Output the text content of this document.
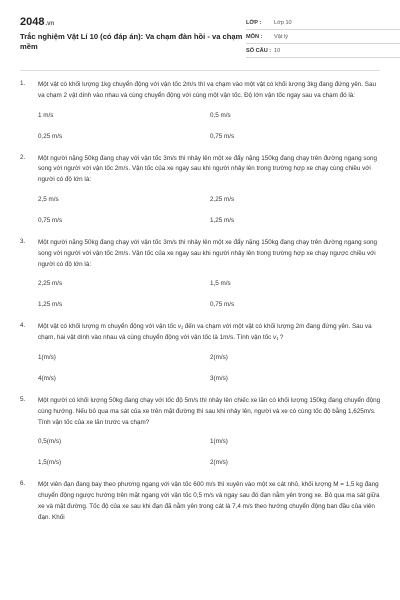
2048.vn
Trắc nghiệm Vật Lí 10 (có đáp án): Va chạm đàn hồi - va chạm mềm
LỚP :	Lớp 10
MÔN :	Vật lý
SỐ CÂU : 10
1. Một vật có khối lượng 1kg chuyển động với vận tốc 2m/s thì va chạm vào một vật có khối lượng 3kg đang đứng yên. Sau va chạm 2 vật dính vào nhau và cùng chuyển động với cùng một vận tốc. Độ lớn vận tốc ngay sau va chạm đó là:
1 m/s	0,5 m/s
0,25 m/s	0,75 m/s
2. Một người nặng 50kg đang chạy với vận tốc 3m/s thì nhảy lên một xe đẩy nặng 150kg đang chạy trên đường ngang song song với người với vận tốc 2m/s. Vận tốc của xe ngay sau khi người nhảy lên trong trường hợp xe chạy cùng chiều với người có độ lớn là:
2,5 m/s	2,25 m/s
0,75 m/s	1,25 m/s
3. Một người nặng 50kg đang chạy với vận tốc 3m/s thì nhảy lên một xe đẩy nặng 150kg đang chạy trên đường ngang song song với người với vận tốc 2m/s. Vận tốc của xe ngay sau khi người nhảy lên trong trường hợp xe chạy ngược chiều với người có độ lớn là:
2,25 m/s	1,5 m/s
1,25 m/s	0,75 m/s
4. Một vật có khối lượng m chuyển động với vận tốc v₁ đến va chạm với một vật có khối lượng 2m đang đứng yên. Sau va chạm, hai vật dính vào nhau và cùng chuyển động với vận tốc là 1m/s. Tính vận tốc v₁ ?
1(m/s)	2(m/s)
4(m/s)	3(m/s)
5. Một người có khối lượng 50kg đang chạy với tốc độ 5m/s thì nhảy lên chiếc xe lăn có khối lượng 150kg đang chuyển động cùng hướng. Nếu bỏ qua ma sát của xe trên mặt đường thì sau khi nhảy lên, người và xe có cùng tốc độ bằng 1,625m/s. Tính vận tốc của xe lăn trước va chạm?
0,5(m/s)	1(m/s)
1,5(m/s)	2(m/s)
6. Một viên đạn đang bay theo phương ngang với vận tốc 600 m/s thì xuyên vào một xe cát nhỏ, khối lượng M = 1,5 kg đang chuyển động ngược hướng trên mặt ngang với vận tốc 0,5 m/s và ngay sau đó đạn nằm yên trong xe. Bỏ qua ma sát giữa xe và mặt đường. Tốc độ của xe sau khi đạn đã nằm yên trong cát là 7,4 m/s theo hướng chuyển động ban đầu của viên đạn. Khối
